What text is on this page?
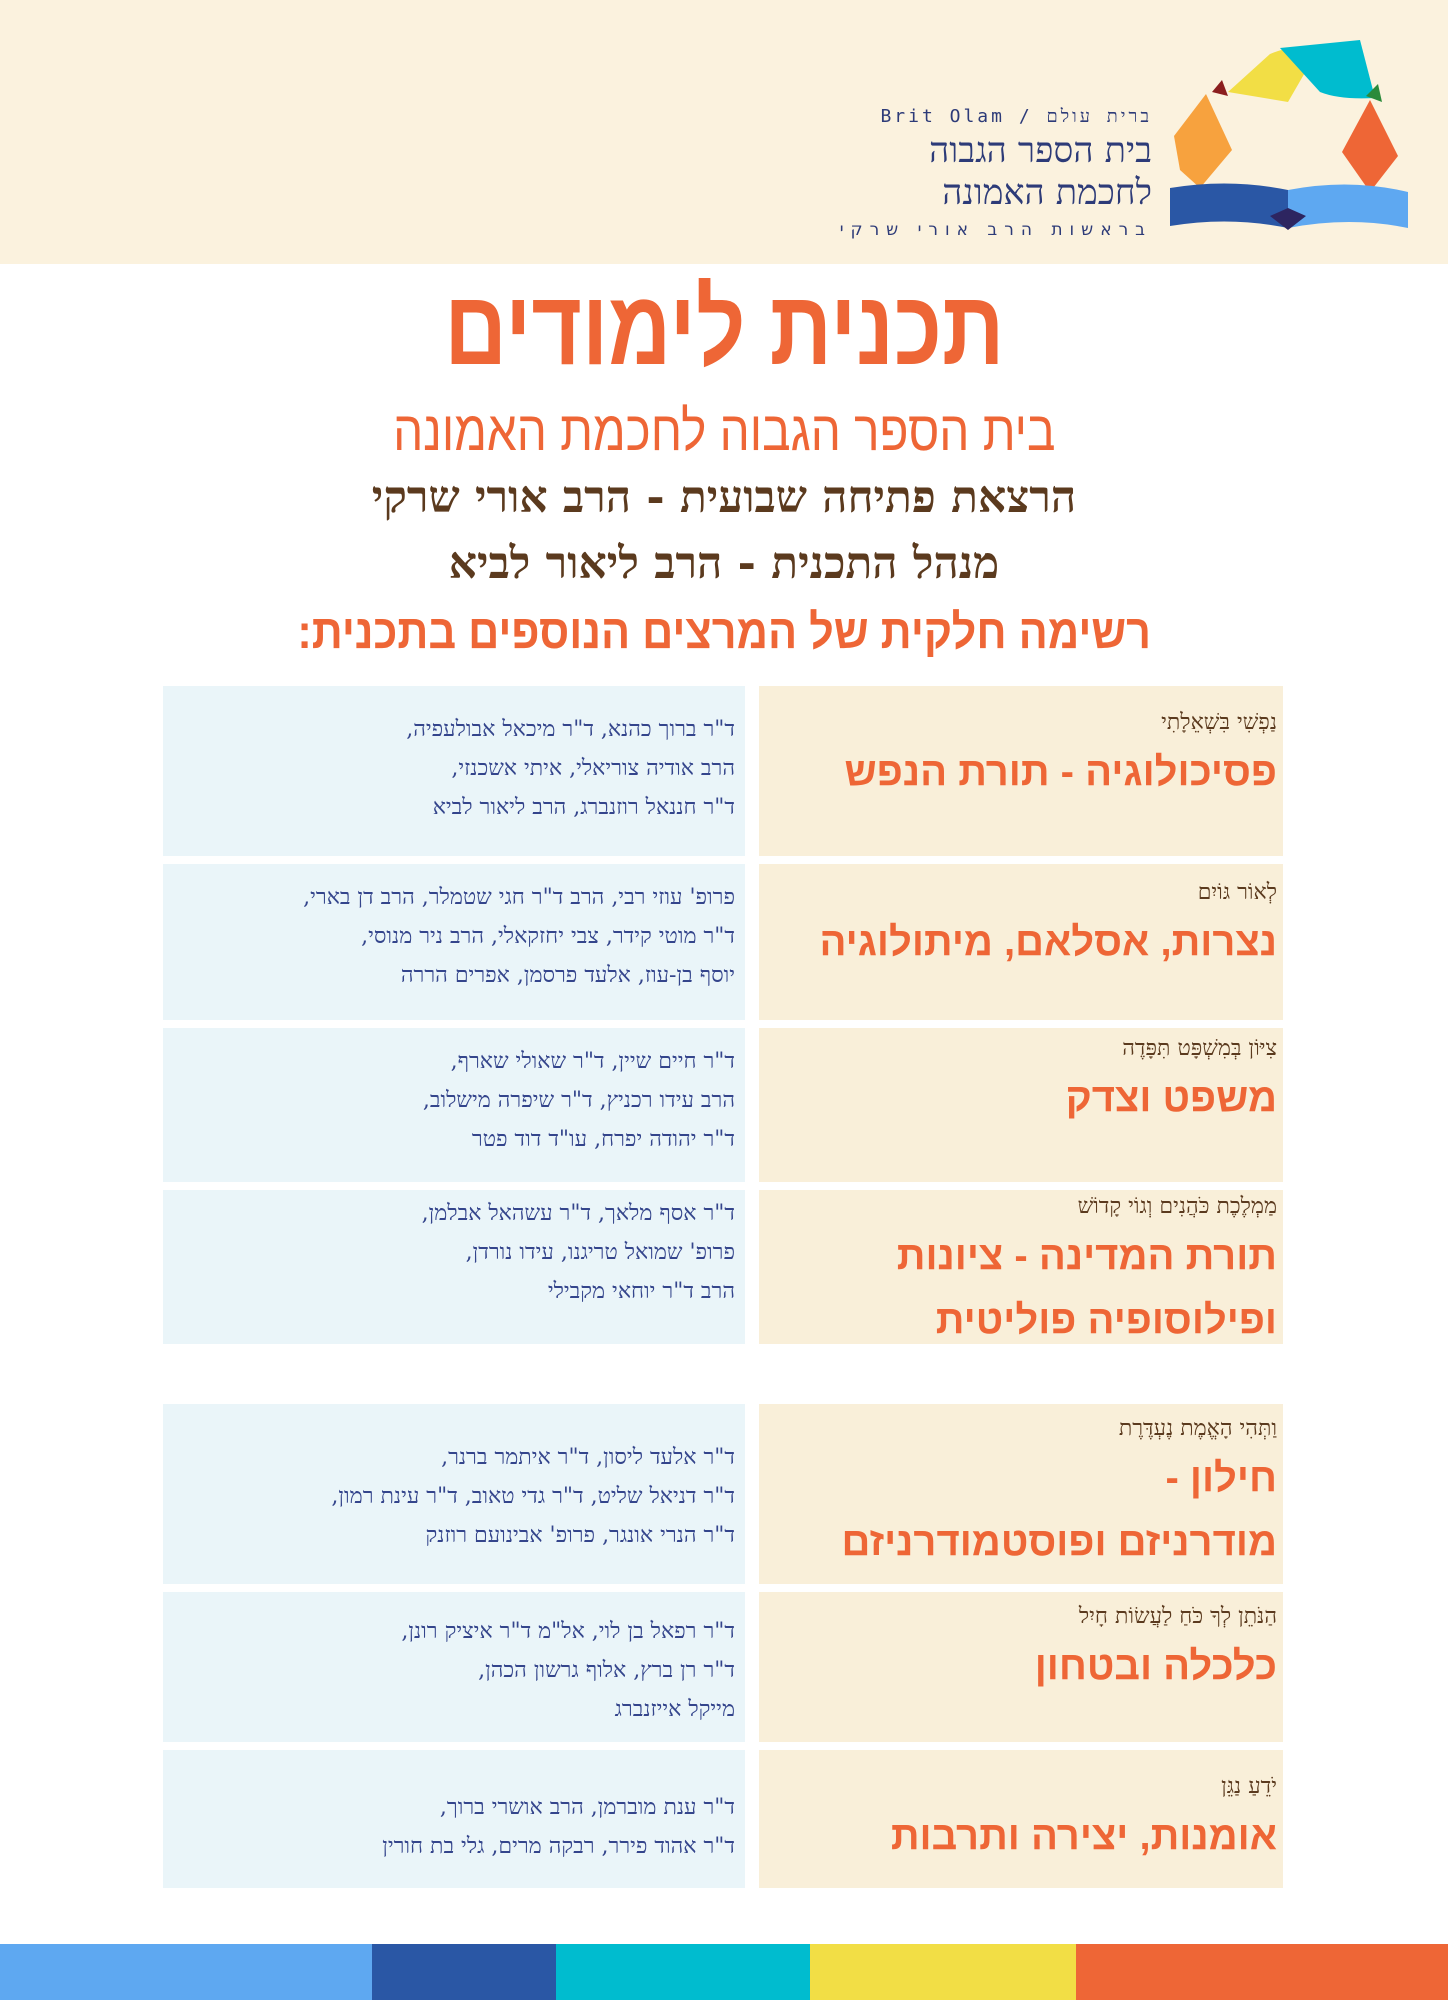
Brit Olam / ברית עולם
בית הספר הגבוה
לחכמת האמונה
בראשות הרב אורי שרקי
תכנית לימודים
בית הספר הגבוה לחכמת האמונה
הרצאת פתיחה שבועית - הרב אורי שרקי
מנהל התכנית - הרב ליאור לביא
רשימה חלקית של המרצים הנוספים בתכנית:
נַפְשִׁי בִּשְׁאֵלָתִי
פסיכולוגיה - תורת הנפש
ד"ר ברוך כהנא, ד"ר מיכאל אבולעפיה,
הרב אודיה צוריאלי, איתי אשכנזי,
ד"ר חננאל רוזנברג, הרב ליאור לביא
לְאוֹר גּוֹיִם
נצרות, אסלאם, מיתולוגיה
פרופ' עוזי רבי, הרב ד"ר חגי שטמלר, הרב דן בארי,
ד"ר מוטי קידר, צבי יחזקאלי, הרב ניר מנוסי,
יוסף בן-עוז, אלעד פרסמן, אפרים הררה
צִיּוֹן בְּמִשְׁפָּט תִּפָּדֶה
משפט וצדק
ד"ר חיים שיין, ד"ר שאולי שארף,
הרב עידו רכניץ, ד"ר שיפרה מישלוב,
ד"ר יהודה יפרח, עו"ד דוד פטר
מַמְלֶכֶת כֹּהֲנִים וְגוֹי קָדוֹשׁ
תורת המדינה - ציונות
ופילוסופיה פוליטית
ד"ר אסף מלאך, ד"ר עשהאל אבלמן,
פרופ' שמואל טריגנו, עידו נורדן,
הרב ד"ר יוחאי מקבילי
וַתְּהִי הָאֱמֶת נֶעְדֶּרֶת
חילון -
מודרניזם ופוסטמודרניזם
ד"ר אלעד ליסון, ד"ר איתמר ברנר,
ד"ר דניאל שליט, ד"ר גדי טאוב, ד"ר עינת רמון,
ד"ר הנרי אונגר, פרופ' אבינועם רוזנק
הַנֹּתֵן לְךָ כֹּחַ לַעֲשׂוֹת חָיִל
כלכלה ובטחון
ד"ר רפאל בן לוי, אל"מ ד"ר איציק רונן,
ד"ר רן ברץ, אלוף גרשון הכהן,
מייקל אייזנברג
יֹדֵעַ נַגֵּן
אומנות, יצירה ותרבות
ד"ר ענת מוברמן, הרב אושרי ברוך,
ד"ר אהוד פירר, רבקה מרים, גלי בת חורין
